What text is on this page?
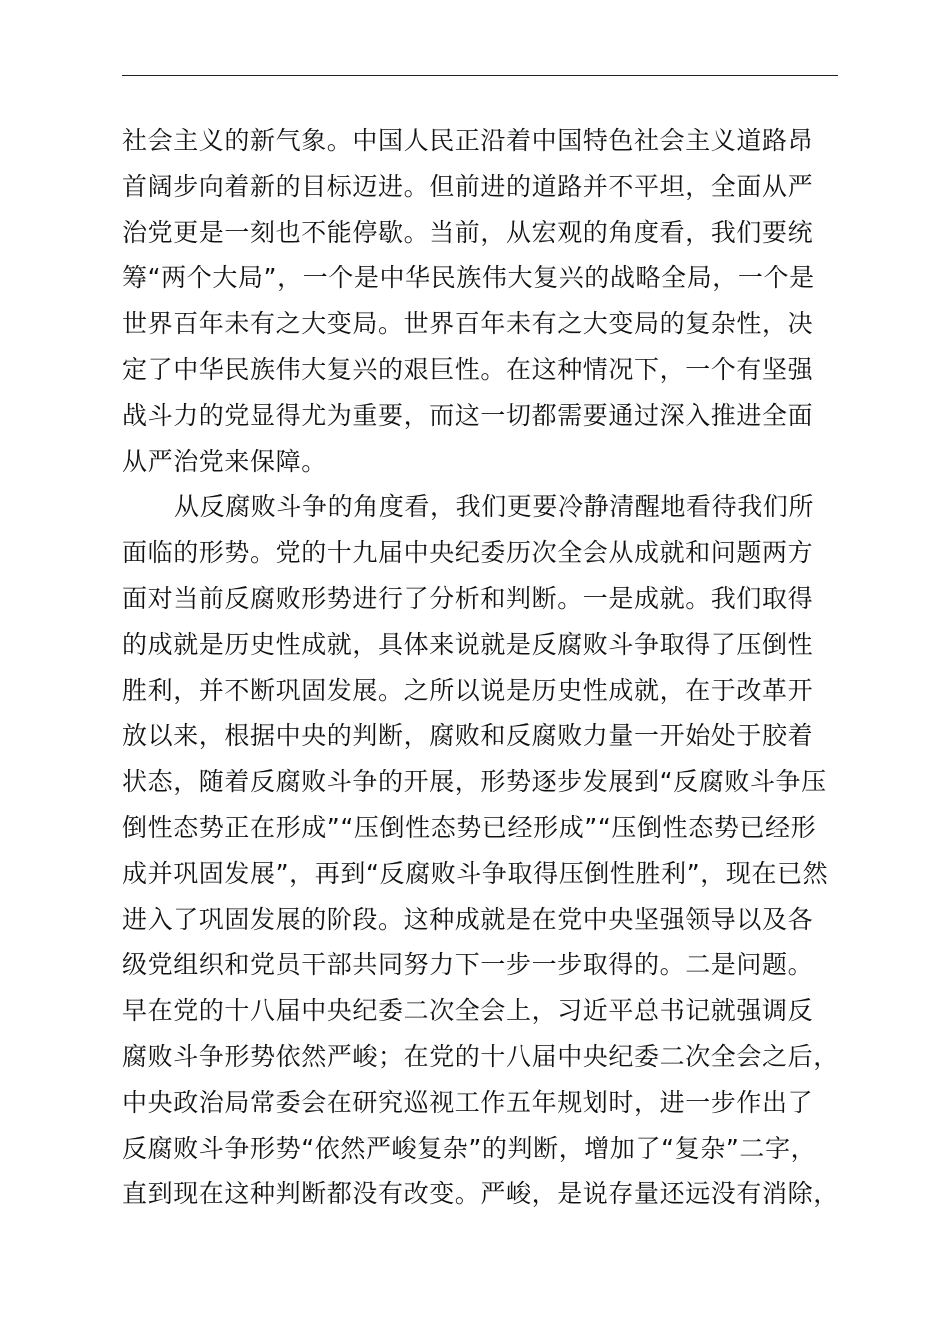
社会主义的新气象。中国人民正沿着中国特色社会主义道路昂
首阔步向着新的目标迈进。但前进的道路并不平坦，全面从严
治党更是一刻也不能停歇。当前，从宏观的角度看，我们要统
筹“两个大局”，一个是中华民族伟大复兴的战略全局，一个是
世界百年未有之大变局。世界百年未有之大变局的复杂性，决
定了中华民族伟大复兴的艰巨性。在这种情况下，一个有坚强
战斗力的党显得尤为重要，而这一切都需要通过深入推进全面
从严治党来保障。
从反腐败斗争的角度看，我们更要冷静清醒地看待我们所
面临的形势。党的十九届中央纪委历次全会从成就和问题两方
面对当前反腐败形势进行了分析和判断。一是成就。我们取得
的成就是历史性成就，具体来说就是反腐败斗争取得了压倒性
胜利，并不断巩固发展。之所以说是历史性成就，在于改革开
放以来，根据中央的判断，腐败和反腐败力量一开始处于胶着
状态，随着反腐败斗争的开展，形势逐步发展到“反腐败斗争压
倒性态势正在形成”“压倒性态势已经形成”“压倒性态势已经形
成并巩固发展”，再到“反腐败斗争取得压倒性胜利”，现在已然
进入了巩固发展的阶段。这种成就是在党中央坚强领导以及各
级党组织和党员干部共同努力下一步一步取得的。二是问题。
早在党的十八届中央纪委二次全会上，习近平总书记就强调反
腐败斗争形势依然严峻；在党的十八届中央纪委二次全会之后，
中央政治局常委会在研究巡视工作五年规划时，进一步作出了
反腐败斗争形势“依然严峻复杂”的判断，增加了“复杂”二字，
直到现在这种判断都没有改变。严峻，是说存量还远没有消除，
